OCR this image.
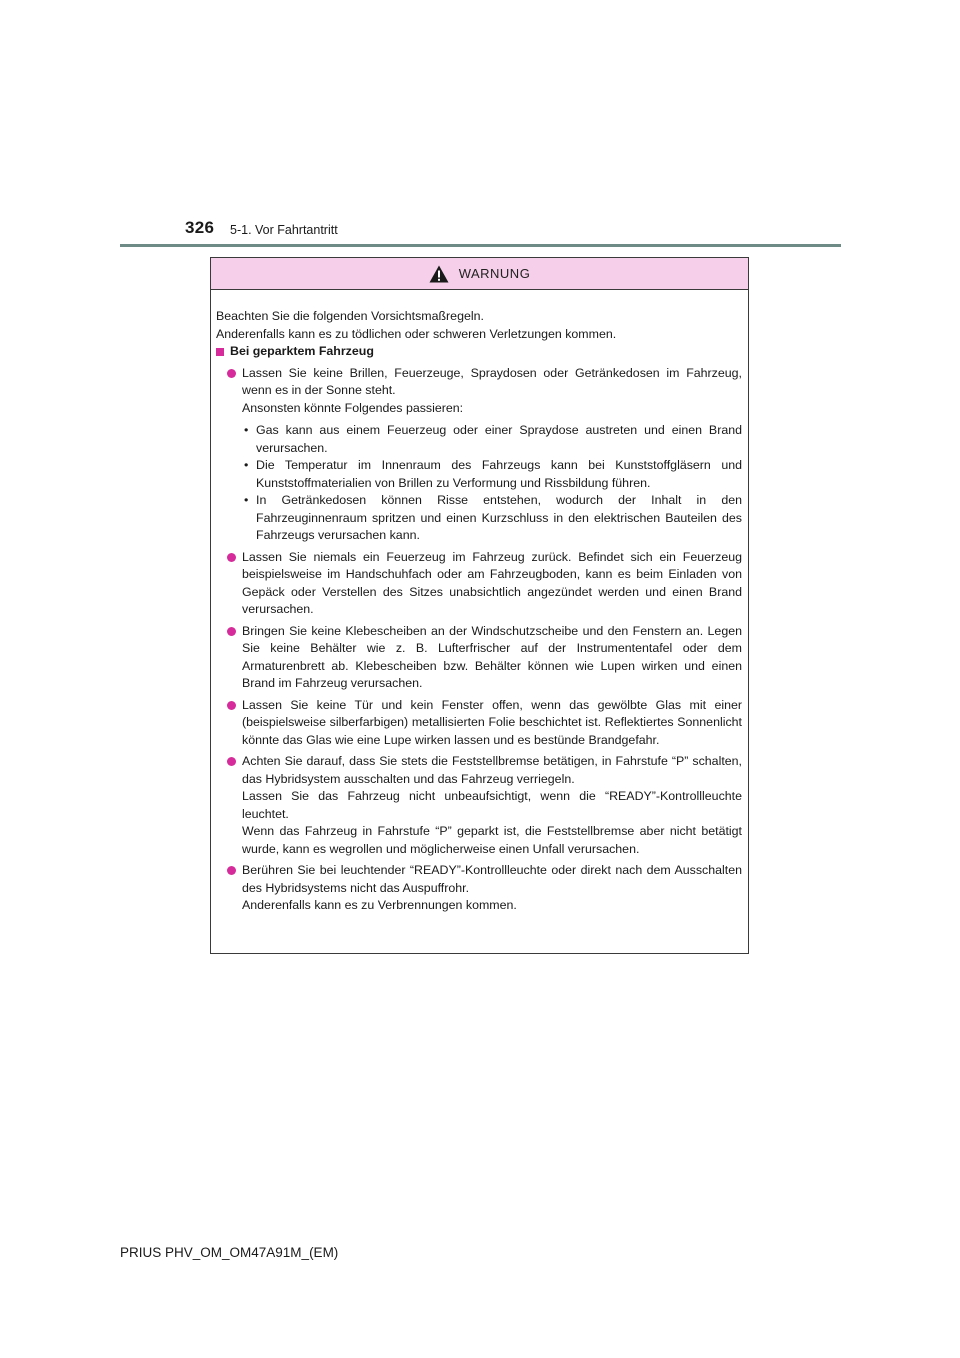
326 5-1. Vor Fahrtantritt
WARNUNG

Beachten Sie die folgenden Vorsichtsmaßregeln.

Anderenfalls kann es zu tödlichen oder schweren Verletzungen kommen.

Bei geparktem Fahrzeug
Lassen Sie keine Brillen, Feuerzeuge, Spraydosen oder Getränkedosen im Fahrzeug, wenn es in der Sonne steht.
Ansonsten könnte Folgendes passieren:
• Gas kann aus einem Feuerzeug oder einer Spraydose austreten und einen Brand verursachen.
• Die Temperatur im Innenraum des Fahrzeugs kann bei Kunststoffgläsern und Kunststoffmaterialien von Brillen zu Verformung und Rissbildung führen.
• In Getränkedosen können Risse entstehen, wodurch der Inhalt in den Fahrzeuginnenraum spritzen und einen Kurzschluss in den elektrischen Bauteilen des Fahrzeugs verursachen kann.
Lassen Sie niemals ein Feuerzeug im Fahrzeug zurück. Befindet sich ein Feuerzeug beispielsweise im Handschuhfach oder am Fahrzeugboden, kann es beim Einladen von Gepäck oder Verstellen des Sitzes unabsichtlich angezündet werden und einen Brand verursachen.
Bringen Sie keine Klebescheiben an der Windschutzscheibe und den Fenstern an. Legen Sie keine Behälter wie z. B. Lufterfrischer auf der Instrumententafel oder dem Armaturenbrett ab. Klebescheiben bzw. Behälter können wie Lupen wirken und einen Brand im Fahrzeug verursachen.
Lassen Sie keine Tür und kein Fenster offen, wenn das gewölbte Glas mit einer (beispielsweise silberfarbigen) metallisierten Folie beschichtet ist. Reflektiertes Sonnenlicht könnte das Glas wie eine Lupe wirken lassen und es bestünde Brandgefahr.
Achten Sie darauf, dass Sie stets die Feststellbremse betätigen, in Fahrstufe “P” schalten, das Hybridsystem ausschalten und das Fahrzeug verriegeln.
Lassen Sie das Fahrzeug nicht unbeaufsichtigt, wenn die “READY”-Kontrollleuchte leuchtet.
Wenn das Fahrzeug in Fahrstufe “P” geparkt ist, die Feststellbremse aber nicht betätigt wurde, kann es wegrollen und möglicherweise einen Unfall verursachen.
Berühren Sie bei leuchtender “READY”-Kontrollleuchte oder direkt nach dem Ausschalten des Hybridsystems nicht das Auspuffrohr.
Anderenfalls kann es zu Verbrennungen kommen.
PRIUS PHV_OM_OM47A91M_(EM)
